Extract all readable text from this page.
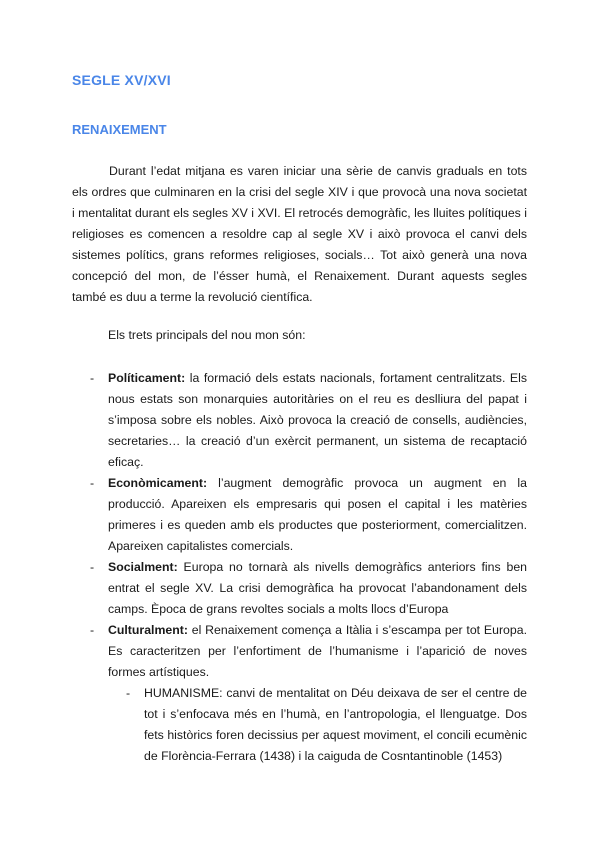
SEGLE XV/XVI
RENAIXEMENT

Durant l’edat mitjana es varen iniciar una sèrie de canvis graduals en tots els ordres que culminaren en la crisi del segle XIV i que provocà una nova societat i mentalitat durant els segles XV i XVI. El retrocés demogràfic, les lluites polítiques i religioses es comencen a resoldre cap al segle XV i això provoca el canvi dels sistemes polítics, grans reformes religioses, socials… Tot això generà una nova concepció del mon, de l’ésser humà, el Renaixement. Durant aquests segles també es duu a terme la revolució científica.

Els trets principals del nou mon són:

- Políticament: la formació dels estats nacionals, fortament centralitzats. Els nous estats son monarquies autoritàries on el reu es deslliura del papat i s’imposa sobre els nobles. Això provoca la creació de consells, audiències, secretaries… la creació d’un exèrcit permanent, un sistema de recaptació eficaç.
- Econòmicament: l’augment demogràfic provoca un augment en la producció. Apareixen els empresaris qui posen el capital i les matèries primeres i es queden amb els productes que posteriorment, comercialitzen. Apareixen capitalistes comercials.
- Socialment: Europa no tornarà als nivells demogràfics anteriors fins ben entrat el segle XV. La crisi demogràfica ha provocat l’abandonament dels camps. Època de grans revoltes socials a molts llocs d’Europa
- Culturalment: el Renaixement comença a Itàlia i s’escampa per tot Europa. Es caracteritzen per l’enfortiment de l’humanisme i l’aparició de noves formes artístiques.
- HUMANISME: canvi de mentalitat on Déu deixava de ser el centre de tot i s’enfocava més en l’humà, en l’antropologia, el llenguatge. Dos fets històrics foren decissius per aquest moviment, el concili ecumènic de Florència-Ferrara (1438) i la caiguda de Cosntantinoble (1453)
